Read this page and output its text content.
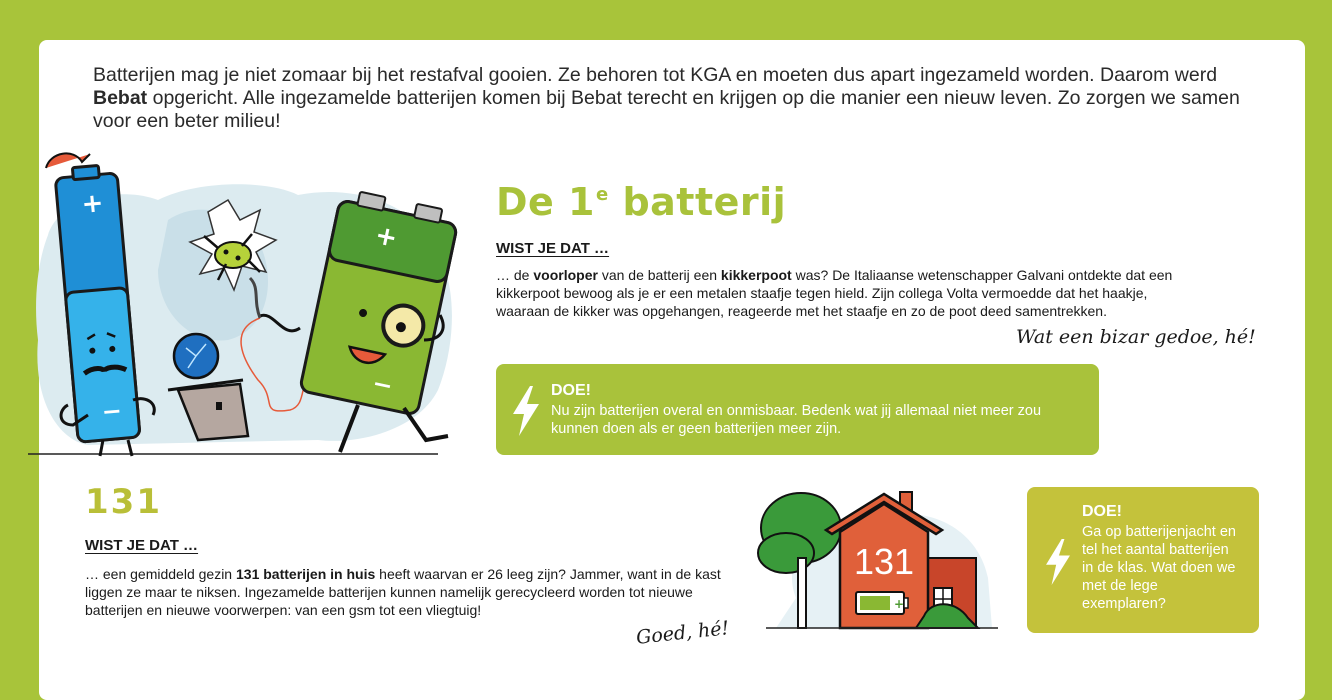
Batterijen mag je niet zomaar bij het restafval gooien. Ze behoren tot KGA en moeten dus apart ingezameld worden. Daarom werd Bebat opgericht. Alle ingezamelde batterijen komen bij Bebat terecht en krijgen op die manier een nieuw leven. Zo zorgen we samen voor een beter milieu!

+
−
+
−
De 1e batterij

WIST JE DAT …

… de voorloper van de batterij een kikkerpoot was? De Italiaanse wetenschapper Galvani ontdekte dat een kikkerpoot bewoog als je er een metalen staafje tegen hield. Zijn collega Volta vermoedde dat het haakje, waaraan de kikker was opgehangen, reageerde met het staafje en zo de poot deed samentrekken.

Wat een bizar gedoe, hé!

DOE!

Nu zijn batterijen overal en onmisbaar. Bedenk wat jij allemaal niet meer zou kunnen doen als er geen batterijen meer zijn.

131

WIST JE DAT …

… een gemiddeld gezin 131 batterijen in huis heeft waarvan er 26 leeg zijn? Jammer, want in de kast liggen ze maar te niksen. Ingezamelde batterijen kunnen namelijk gerecycleerd worden tot nieuwe batterijen en nieuwe voorwerpen: van een gsm tot een vliegtuig!

Goed, hé!

131
+

DOE!

Ga op batterijenjacht en tel het aantal batterijen in de klas. Wat doen we met de lege exemplaren?
